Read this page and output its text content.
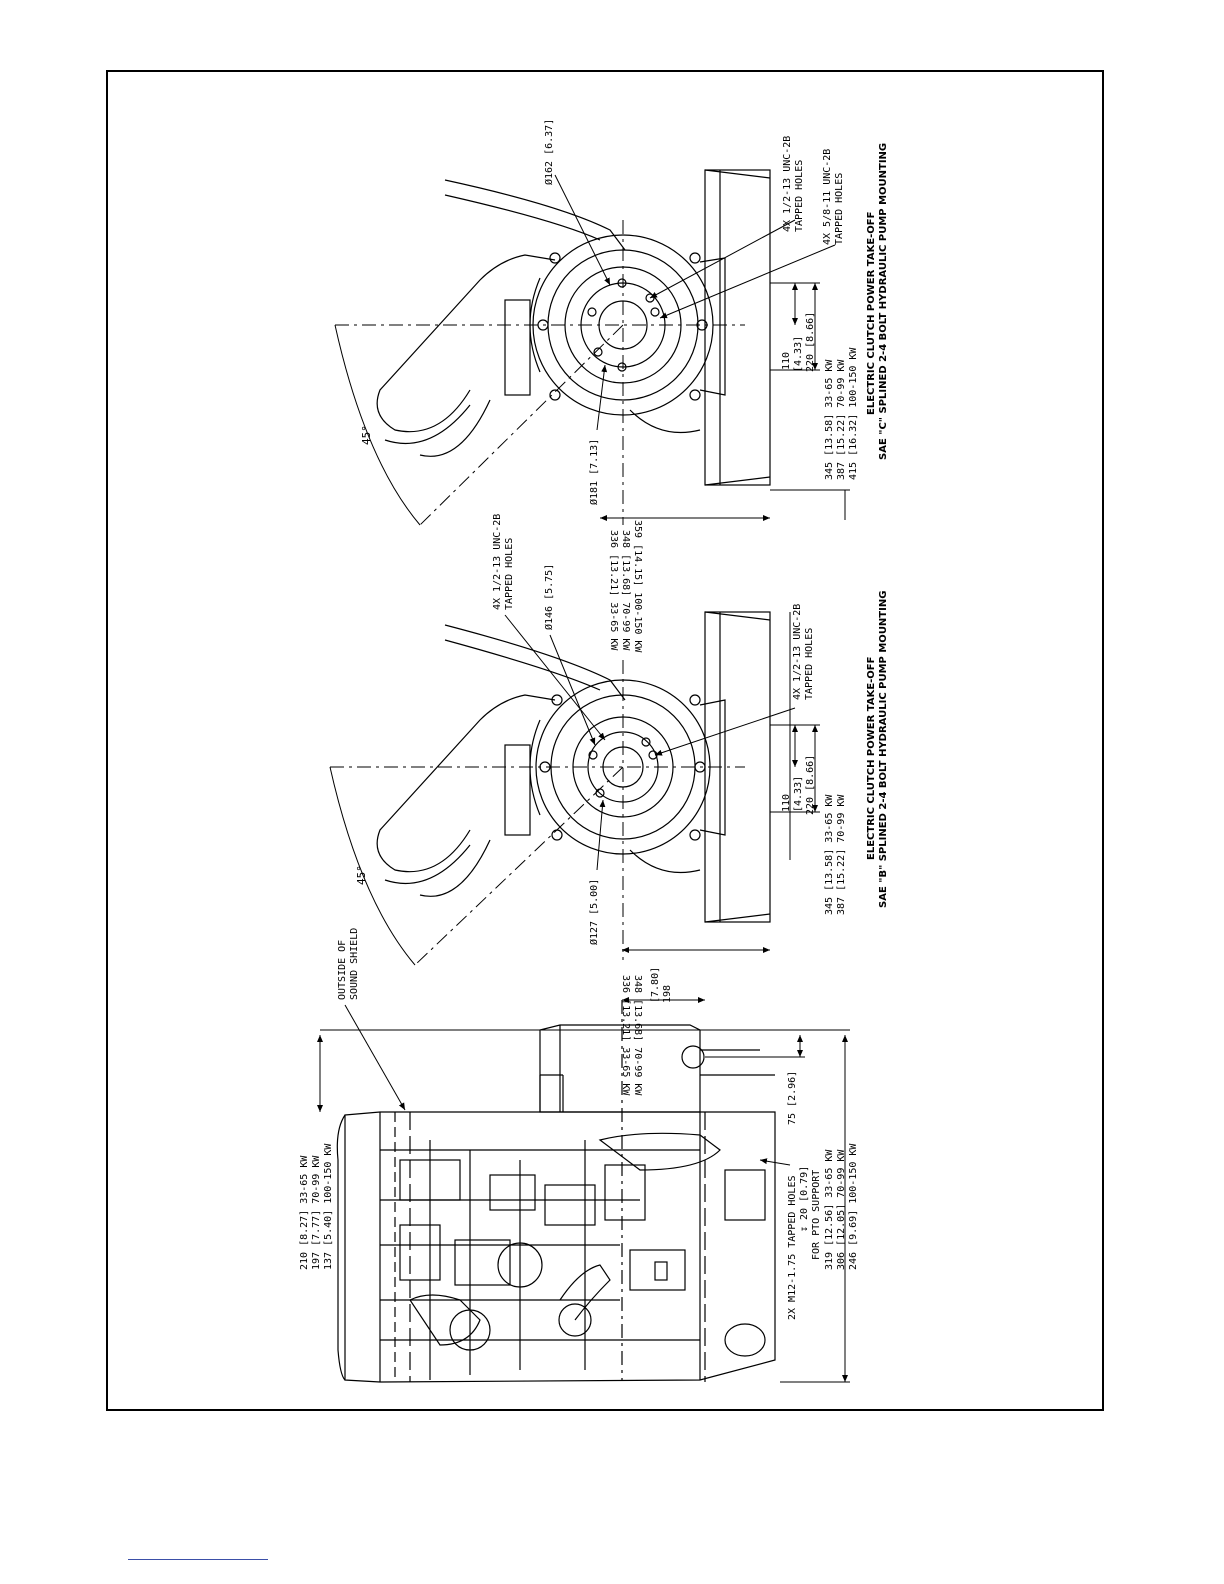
OUTSIDE OF SOUND SHIELD
210 [8.27] 33-65 KW 197 [7.77] 70-99 KW 137 [5.40] 100-150 KW	2X M12-1.75 TAPPED HOLES ↧ 20 [0.79] FOR PTO SUPPORT 319 [12.56] 33-65 KW 306 [12.05] 70-99 KW 246 [9.69] 100-150 KW
198
[7.80]
75 [2.96]
45°
4X 1/2-13 UNC-2B TAPPED HOLES	Ø146 [5.75]
4X 1/2-13 UNC-2B TAPPED HOLES
Ø127 [5.00]
348 [13.68] 70-99 KW
336 [13.21] 33-65 KW
110 [4.33] 220 [8.66]
345 [13.58] 33-65 KW 387 [15.22] 70-99 KW ELECTRIC CLUTCH POWER TAKE-OFF SAE "B" SPLINED 2-4 BOLT HYDRAULIC PUMP MOUNTING
45°
Ø162 [6.37]	4X 1/2-13 UNC-2B TAPPED HOLES 4X 5/8-11 UNC-2B TAPPED HOLES
Ø181 [7.13]
359 [14.15] 100-150 KW
348 [13.68] 70-99 KW
336 [13.21] 33-65 KW
110 [4.33] 220 [8.66]
345 [13.58] 33-65 KW 387 [15.22] 70-99 KW 415 [16.32] 100-150 KW ELECTRIC CLUTCH POWER TAKE-OFF SAE "C" SPLINED 2-4 BOLT HYDRAULIC PUMP MOUNTING
